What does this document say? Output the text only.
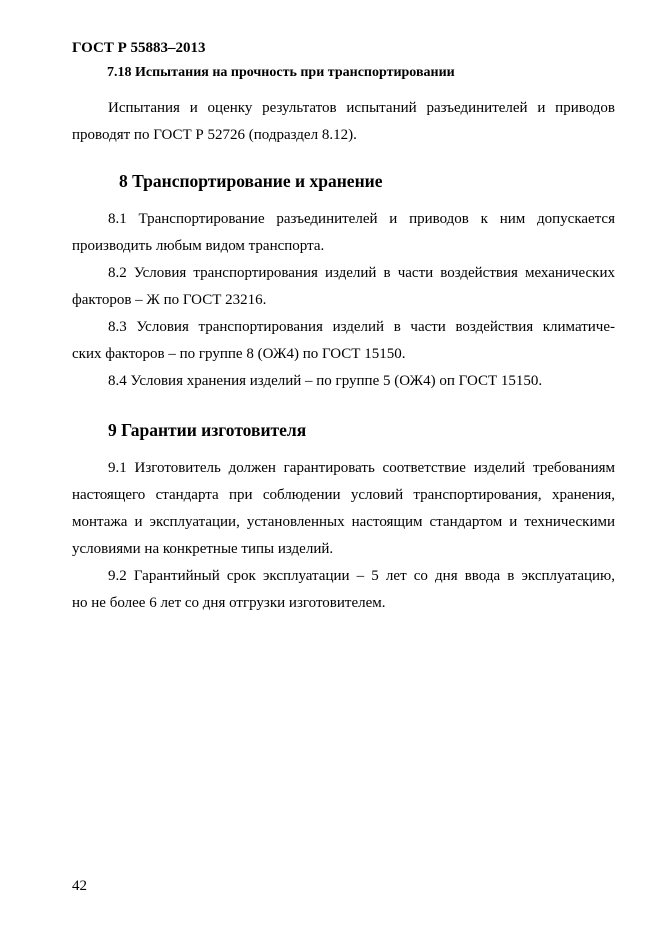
ГОСТ Р 55883–2013
7.18 Испытания на прочность при транспортировании
Испытания и оценку результатов испытаний разъединителей и приводов
проводят по ГОСТ Р 52726 (подраздел 8.12).
8 Транспортирование и хранение
8.1 Транспортирование разъединителей и приводов к ним допускается
производить любым видом транспорта.
8.2 Условия транспортирования изделий в части воздействия механических
факторов – Ж по ГОСТ 23216.
8.3 Условия транспортирования изделий в части воздействия климатиче-
ских факторов – по группе 8 (ОЖ4) по ГОСТ 15150.
8.4 Условия хранения изделий – по группе 5 (ОЖ4) оп ГОСТ 15150.
9 Гарантии изготовителя
9.1 Изготовитель должен гарантировать соответствие изделий требованиям
настоящего стандарта при соблюдении условий транспортирования, хранения,
монтажа и эксплуатации, установленных настоящим стандартом и техническими
условиями на конкретные типы изделий.
9.2 Гарантийный срок эксплуатации – 5 лет со дня ввода в эксплуатацию,
но не более 6 лет со дня отгрузки изготовителем.
42
